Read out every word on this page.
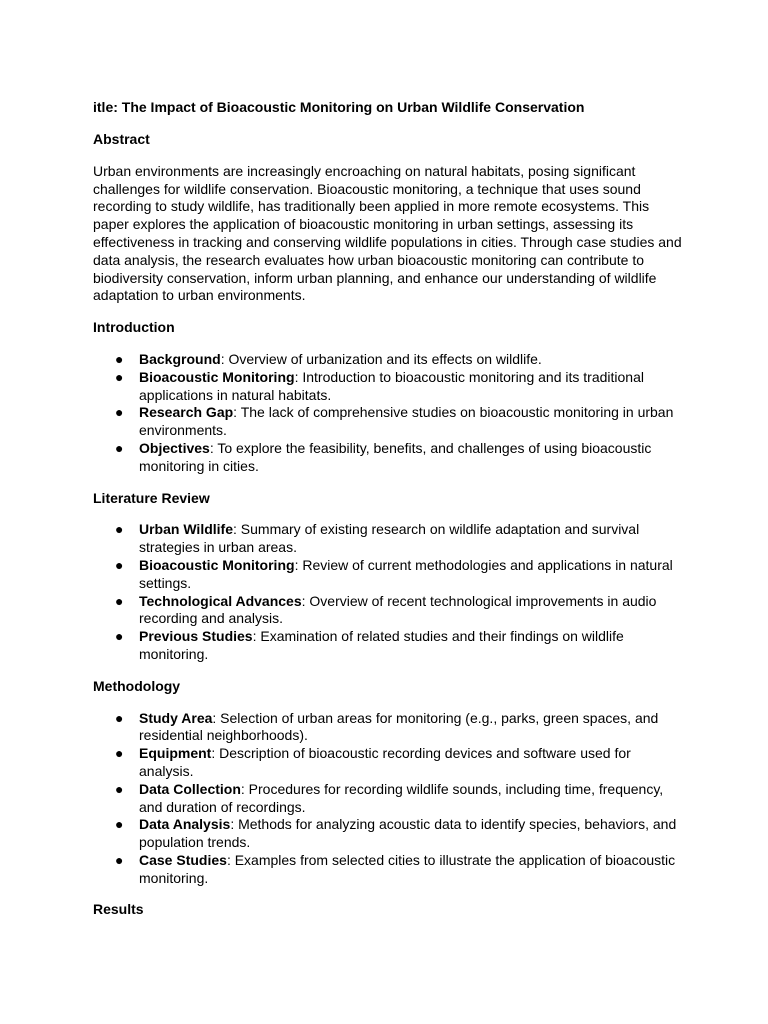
itle: The Impact of Bioacoustic Monitoring on Urban Wildlife Conservation

Abstract

Urban environments are increasingly encroaching on natural habitats, posing significant challenges for wildlife conservation. Bioacoustic monitoring, a technique that uses sound recording to study wildlife, has traditionally been applied in more remote ecosystems. This paper explores the application of bioacoustic monitoring in urban settings, assessing its effectiveness in tracking and conserving wildlife populations in cities. Through case studies and data analysis, the research evaluates how urban bioacoustic monitoring can contribute to biodiversity conservation, inform urban planning, and enhance our understanding of wildlife adaptation to urban environments.

Introduction

● Background: Overview of urbanization and its effects on wildlife.
● Bioacoustic Monitoring: Introduction to bioacoustic monitoring and its traditional applications in natural habitats.
● Research Gap: The lack of comprehensive studies on bioacoustic monitoring in urban environments.
● Objectives: To explore the feasibility, benefits, and challenges of using bioacoustic monitoring in cities.

Literature Review

● Urban Wildlife: Summary of existing research on wildlife adaptation and survival strategies in urban areas.
● Bioacoustic Monitoring: Review of current methodologies and applications in natural settings.
● Technological Advances: Overview of recent technological improvements in audio recording and analysis.
● Previous Studies: Examination of related studies and their findings on wildlife monitoring.

Methodology

● Study Area: Selection of urban areas for monitoring (e.g., parks, green spaces, and residential neighborhoods).
● Equipment: Description of bioacoustic recording devices and software used for analysis.
● Data Collection: Procedures for recording wildlife sounds, including time, frequency, and duration of recordings.
● Data Analysis: Methods for analyzing acoustic data to identify species, behaviors, and population trends.
● Case Studies: Examples from selected cities to illustrate the application of bioacoustic monitoring.

Results
